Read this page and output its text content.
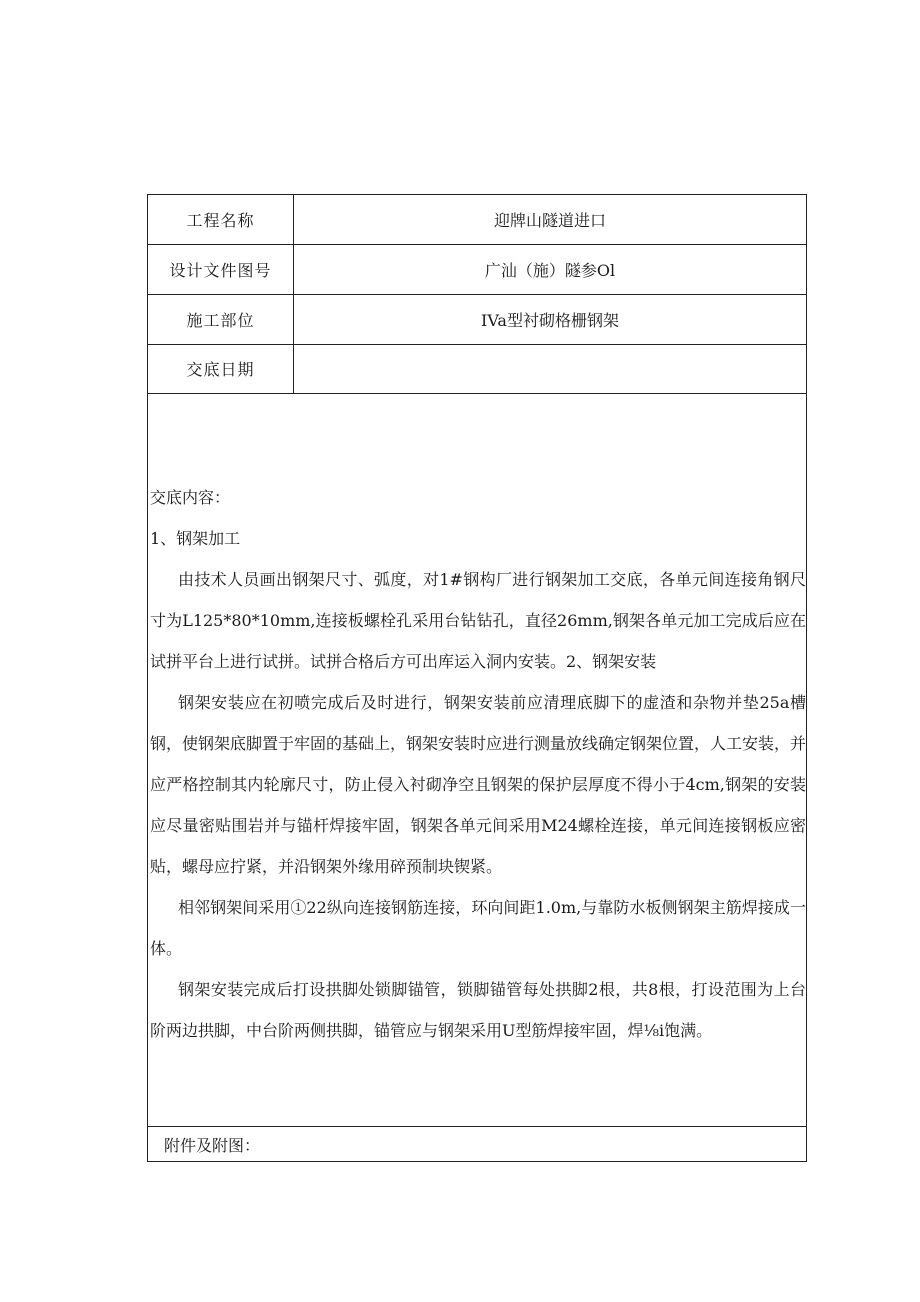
工程名称	迎牌山隧道进口
设计文件图号	广汕（施）隧参Ol
施工部位	IVa型衬砌格栅钢架
交底日期

交底内容：

1、钢架加工

由技术人员画出钢架尺寸、弧度，对1#钢构厂进行钢架加工交底，各单元间连接角钢尺寸为L125*80*10mm,连接板螺栓孔采用台钻钻孔，直径26mm,钢架各单元加工完成后应在试拼平台上进行试拼。试拼合格后方可出库运入洞内安装。2、钢架安装

钢架安装应在初喷完成后及时进行，钢架安装前应清理底脚下的虚渣和杂物并垫25a槽钢，使钢架底脚置于牢固的基础上，钢架安装时应进行测量放线确定钢架位置，人工安装，并应严格控制其内轮廓尺寸，防止侵入衬砌净空且钢架的保护层厚度不得小于4cm,钢架的安装应尽量密贴围岩并与锚杆焊接牢固，钢架各单元间采用M24螺栓连接，单元间连接钢板应密贴，螺母应拧紧，并沿钢架外缘用碎预制块锲紧。

相邻钢架间采用①22纵向连接钢筋连接，环向间距1.0m,与靠防水板侧钢架主筋焊接成一体。

钢架安装完成后打设拱脚处锁脚锚管，锁脚锚管每处拱脚2根，共8根，打设范围为上台阶两边拱脚，中台阶两侧拱脚，锚管应与钢架采用U型筋焊接牢固，焊⅛i饱满。

附件及附图：
